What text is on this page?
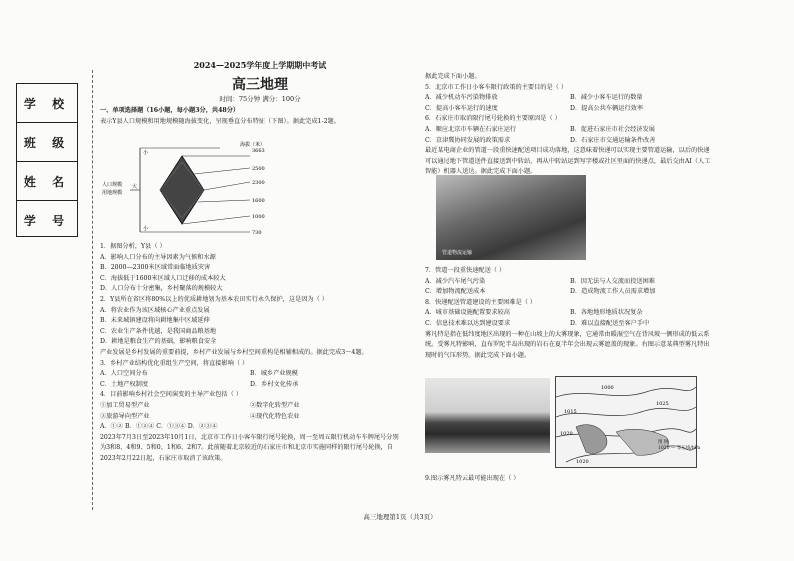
学 校
班 级
姓 名
学 号
2024—2025学年度上学期期中考试
高三地理
时间：75分钟 满分：100分

一、单项选择题（16小题，每小题3分，共48分）

表示Y县人口规模和用地规模随海拔变化，呈现垂直分布特征（下图）。据此完成1-2题。

海拔（米）
3663
2500
2300
1600
1000
730
人口规模
用地规模
小
小
大

1．据图分析，Y县（ ）

A．影响人口分布的主导因素为气候和水源

B．2000—2300米区域常面临地质灾害

C．海拔低于1600米区域人口迁移的成本较大

D．人口分布十分密集，乡村聚落的规模较大

2．Y县所在省区将80%以上的优质耕地划为基本农田实行永久保护，这是因为（ ）

A．将农业作为该区域核心产业重点发展

B．未来城镇建设将向耕地集中区域延伸

C．农业生产条件优越，是我国商品粮基地

D．耕地是粮食生产的基础，影响粮食安全

产业发展是乡村发展的重要前提，乡村产业发展与乡村空间重构是相辅相成的。据此完成3～4题。

3．乡村产业结构优化重组生产空间，将直接影响（ ）

A．人口空间分布	B．城乡产业规模

C．土地产权制度	D．乡村文化传承

4．目前影响乡村社会空间演变的主导产业包括（ ）

①加工贸易型产业	②数字化转型产业

③旅游导向型产业	④现代化特色农业

A．①② B．①②④ C．①③④ D．②③④

2023年7月3日至2023年10月1日，北京市工作日小客车限行尾号轮换，周一至周五限行机动车车牌尾号分别为3和8、4和9、5和0、1和6、2和7。此前随着北京较近的石家庄市和北京市实施同样的限行尾号轮换，自2023年2月22日起，石家庄市取消了该政策。

据此完成下面小题。

5．北京市工作日小客车限行政策的主要目的是（ ）

A．减少机动车污染物排放	B．减少小客车运行的数量

C．提高小客车运行的速度	D．提高公共车辆运行效率

6．石家庄市取消限行尾号轮换的主要原因是（ ）

A．顺应北京市车辆在石家庄运行	B．促进石家庄市社会经济发展

C．京津冀协同发展的政策需求	D．石家庄市交通运输条件改善

最近某电商企业的管道一段重快速配送项目成功落地，这意味着快递可以实现主要管道运输，以后的快递可以通过地下管道送件直接送到中转站，再从中转站运到写字楼或社区里面的快递点，最后交由AI（人工智能）机器人送达。据此完成下面小题。

管道物流运输

7．管道一段重快速配送（ ）

A．减少汽车尾气污染	B．因无法与人交流而投送困难

C．增加物流配送成本	D．造成物流工作人员需求增加

8．快递配送管道建设的主要困难是（ ）

A．城市基础设施配置要求较高	B．各地地形地质状况复杂

C．信息技术难以达到建设要求	D．难以直接配送至客户手中

雾凡特是指在低纬度地区出现的一种在山坡上的大雾现象，它通常由暖湿空气在背风坡一侧形成的低云系统。受雾凡特影响，直布罗陀半岛出现的岩石在夏半年会出现云雾遮盖的现象。右图示意某典型雾凡特出现时的气压形势。据此完成下面小题。

1000
1015
1020
1025
1020
图 例
1020 — 等压线/hPa

9.图示雾凡特云最可能出现在（ ）

高三地理第1页（共3页）
